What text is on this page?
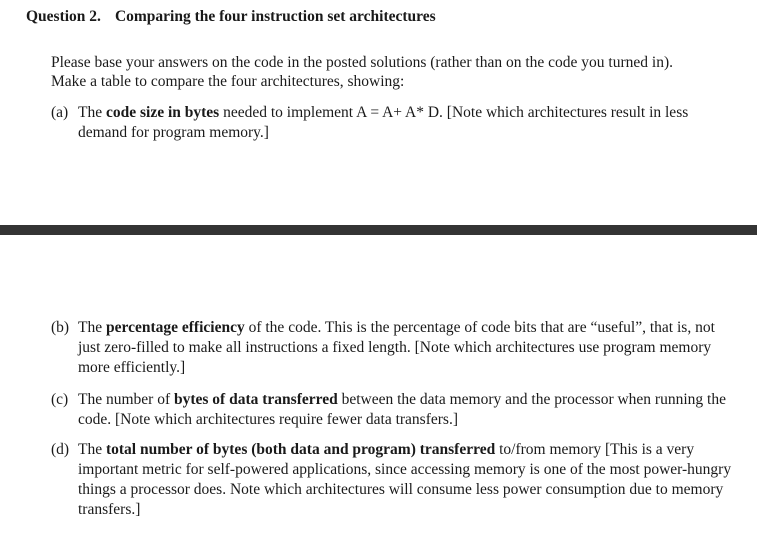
Question 2. Comparing the four instruction set architectures
Please base your answers on the code in the posted solutions (rather than on the code you turned in).
Make a table to compare the four architectures, showing:
(a) The code size in bytes needed to implement A = A+ A* D. [Note which architectures result in less demand for program memory.]
(b) The percentage efficiency of the code. This is the percentage of code bits that are “useful”, that is, not just zero-filled to make all instructions a fixed length. [Note which architectures use program memory more efficiently.]
(c) The number of bytes of data transferred between the data memory and the processor when running the code. [Note which architectures require fewer data transfers.]
(d) The total number of bytes (both data and program) transferred to/from memory [This is a very important metric for self-powered applications, since accessing memory is one of the most power-hungry things a processor does. Note which architectures will consume less power consumption due to memory transfers.]
